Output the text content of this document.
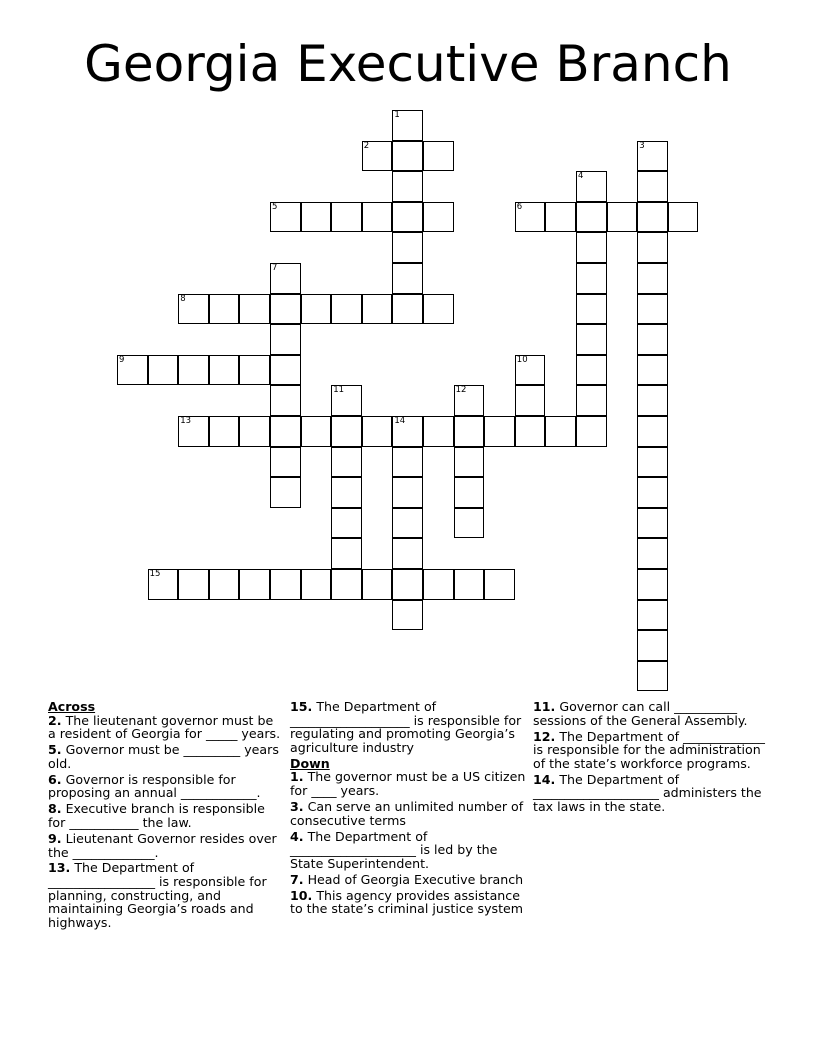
Georgia Executive Branch
1
2	3
4
5	6
7
8
9	10
11	12
13	14
15
Across
2. The lieutenant governor must be a resident of Georgia for _____ years.
5. Governor must be _________ years old.
6. Governor is responsible for proposing an annual ____________.
8. Executive branch is responsible for ___________ the law.
9. Lieutenant Governor resides over the _____________.
13. The Department of _________________ is responsible for planning, constructing, and maintaining Georgia’s roads and highways.
15. The Department of ___________________ is responsible for regulating and promoting Georgia’s agriculture industry
Down
1. The governor must be a US citizen for ____ years.
3. Can serve an unlimited number of consecutive terms
4. The Department of ____________________ is led by the State Superintendent.
7. Head of Georgia Executive branch
10. This agency provides assistance to the state’s criminal justice system
11. Governor can call __________ sessions of the General Assembly.
12. The Department of _____________ is responsible for the administration of the state’s workforce programs.
14. The Department of ____________________ administers the tax laws in the state.
